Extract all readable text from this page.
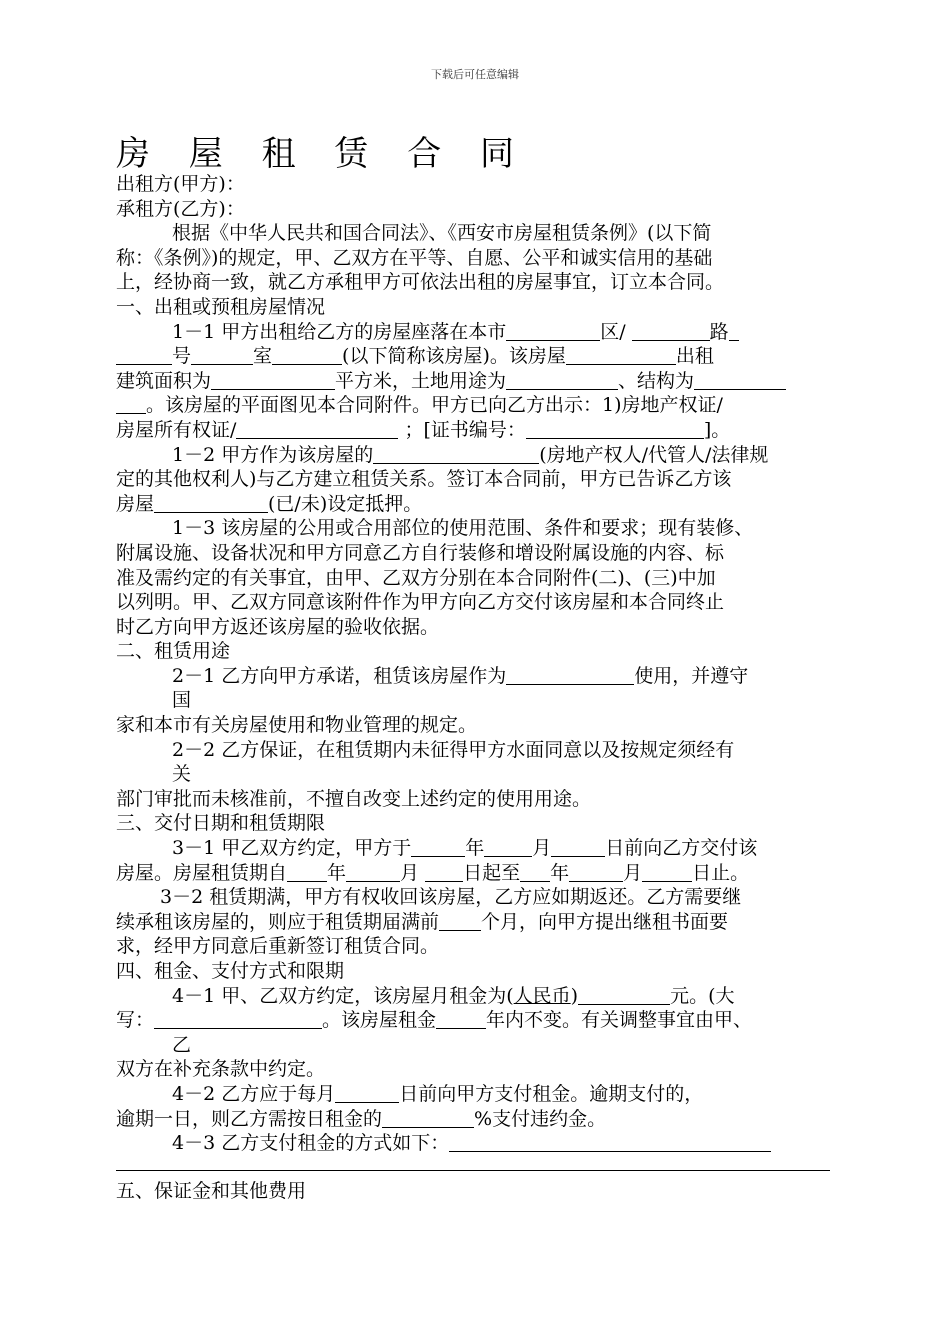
下载后可任意编辑
房 屋 租 赁 合 同
出租方(甲方)：
承租方(乙方)：
根据《中华人民共和国合同法》、《西安市房屋租赁条例》(以下简
称：《条例》)的规定，甲、乙双方在平等、自愿、公平和诚实信用的基础
上，经协商一致，就乙方承租甲方可依法出租的房屋事宜，订立本合同。
一、出租或预租房屋情况
1－1 甲方出租给乙方的房屋座落在本市	区/	路
号	室	(以下简称该房屋)。该房屋	出租
建筑面积为	平方米，土地用途为	、结构为
。该房屋的平面图见本合同附件。甲方已向乙方出示：1)房地产权证/
房屋所有权证/	；[证书编号：	]。
1－2 甲方作为该房屋的	(房地产权人/代管人/法律规
定的其他权利人)与乙方建立租赁关系。签订本合同前，甲方已告诉乙方该
房屋	(已/未)设定抵押。
1－3 该房屋的公用或合用部位的使用范围、条件和要求；现有装修、
附属设施、设备状况和甲方同意乙方自行装修和增设附属设施的内容、标
准及需约定的有关事宜，由甲、乙双方分别在本合同附件(二)、(三)中加
以列明。甲、乙双方同意该附件作为甲方向乙方交付该房屋和本合同终止
时乙方向甲方返还该房屋的验收依据。
二、租赁用途
2－1 乙方向甲方承诺，租赁该房屋作为	使用，并遵守
国
家和本市有关房屋使用和物业管理的规定。
2－2 乙方保证，在租赁期内未征得甲方水面同意以及按规定须经有
关
部门审批而未核准前，不擅自改变上述约定的使用用途。
三、交付日期和租赁期限
3－1 甲乙双方约定，甲方于	年	月	日前向乙方交付该
房屋。房屋租赁期自 年	月 日起至 年	月	日止。
3－2 租赁期满，甲方有权收回该房屋，乙方应如期返还。乙方需要继
续承租该房屋的，则应于租赁期届满前 个月，向甲方提出继租书面要
求，经甲方同意后重新签订租赁合同。
四、租金、支付方式和限期
4－1 甲、乙双方约定，该房屋月租金为(人民币)	元。(大
写：	。该房屋租金	年内不变。有关调整事宜由甲、
乙
双方在补充条款中约定。
4－2 乙方应于每月	日前向甲方支付租金。逾期支付的，
逾期一日，则乙方需按日租金的	%支付违约金。
4－3 乙方支付租金的方式如下：
五、保证金和其他费用
